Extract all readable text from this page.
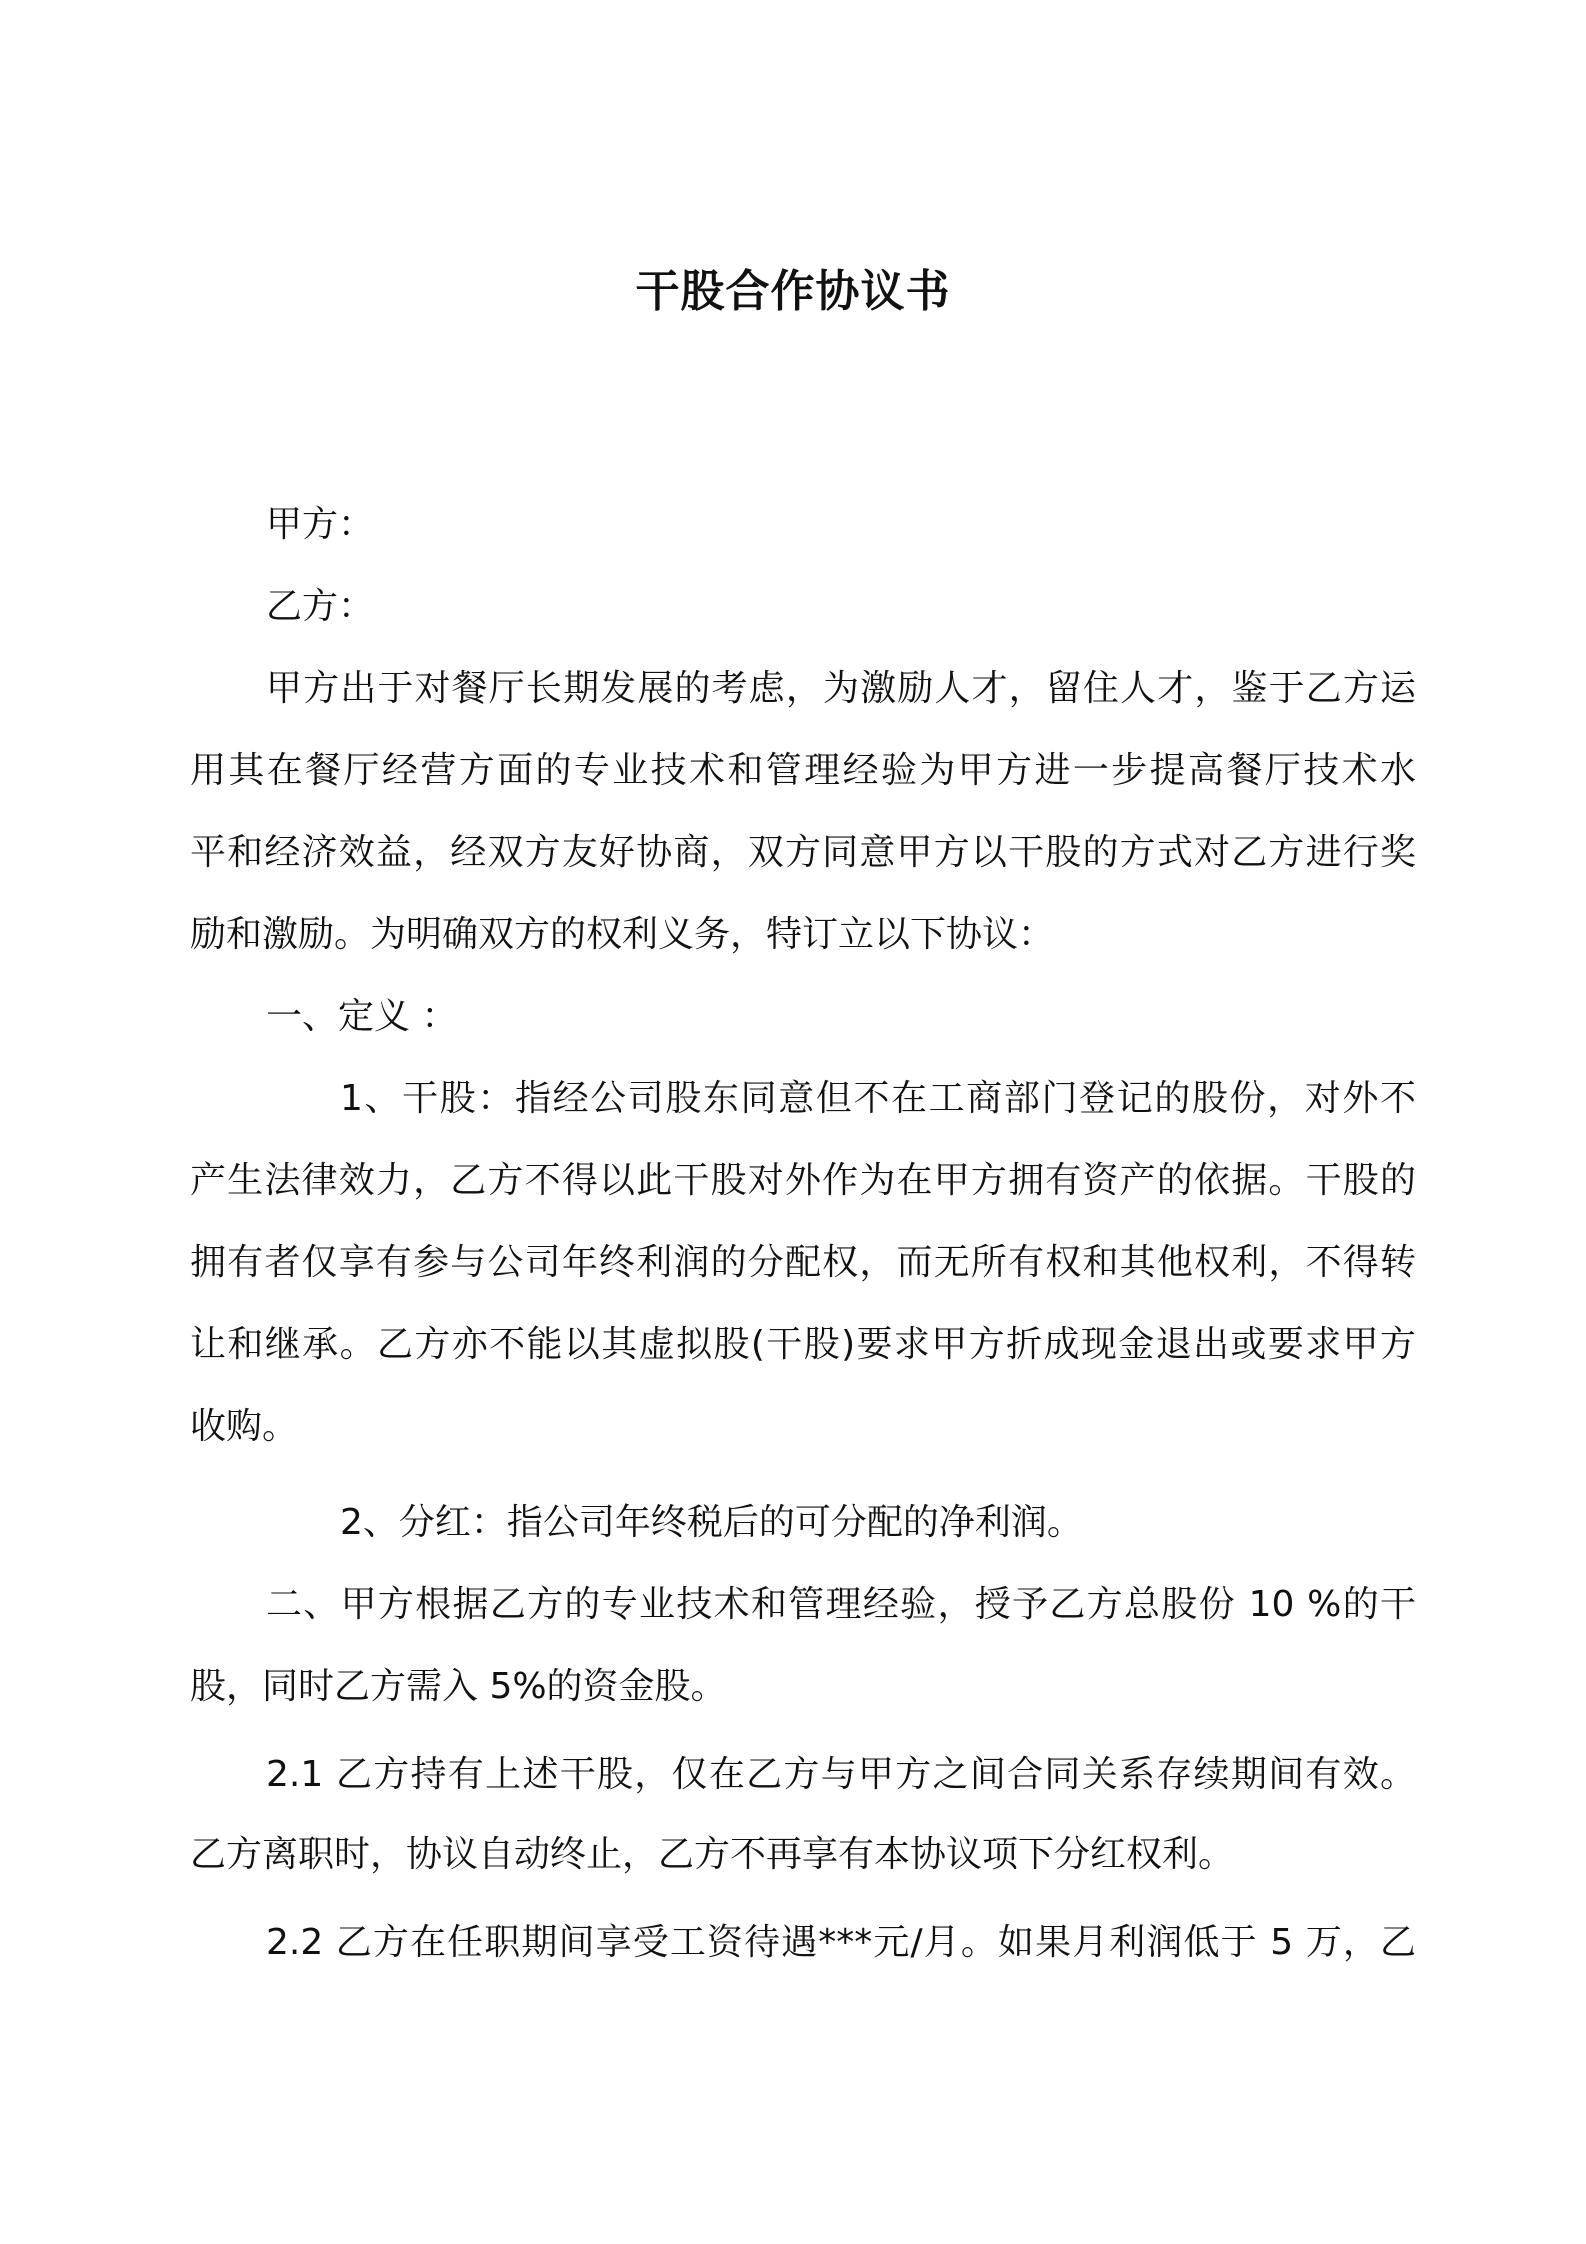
干股合作协议书
甲方：
乙方：
甲方出于对餐厅长期发展的考虑，为激励人才，留住人才，鉴于乙方运
用其在餐厅经营方面的专业技术和管理经验为甲方进一步提高餐厅技术水
平和经济效益，经双方友好协商，双方同意甲方以干股的方式对乙方进行奖
励和激励。为明确双方的权利义务，特订立以下协议：
一、定义 ：
1、干股：指经公司股东同意但不在工商部门登记的股份，对外不
产生法律效力，乙方不得以此干股对外作为在甲方拥有资产的依据。干股的
拥有者仅享有参与公司年终利润的分配权，而无所有权和其他权利，不得转
让和继承。乙方亦不能以其虚拟股(干股)要求甲方折成现金退出或要求甲方
收购。
2、分红：指公司年终税后的可分配的净利润。
二、甲方根据乙方的专业技术和管理经验，授予乙方总股份 10 %的干
股，同时乙方需入 5%的资金股。
2.1 乙方持有上述干股，仅在乙方与甲方之间合同关系存续期间有效。
乙方离职时，协议自动终止，乙方不再享有本协议项下分红权利。
2.2 乙方在任职期间享受工资待遇***元/月。如果月利润低于 5 万，乙
